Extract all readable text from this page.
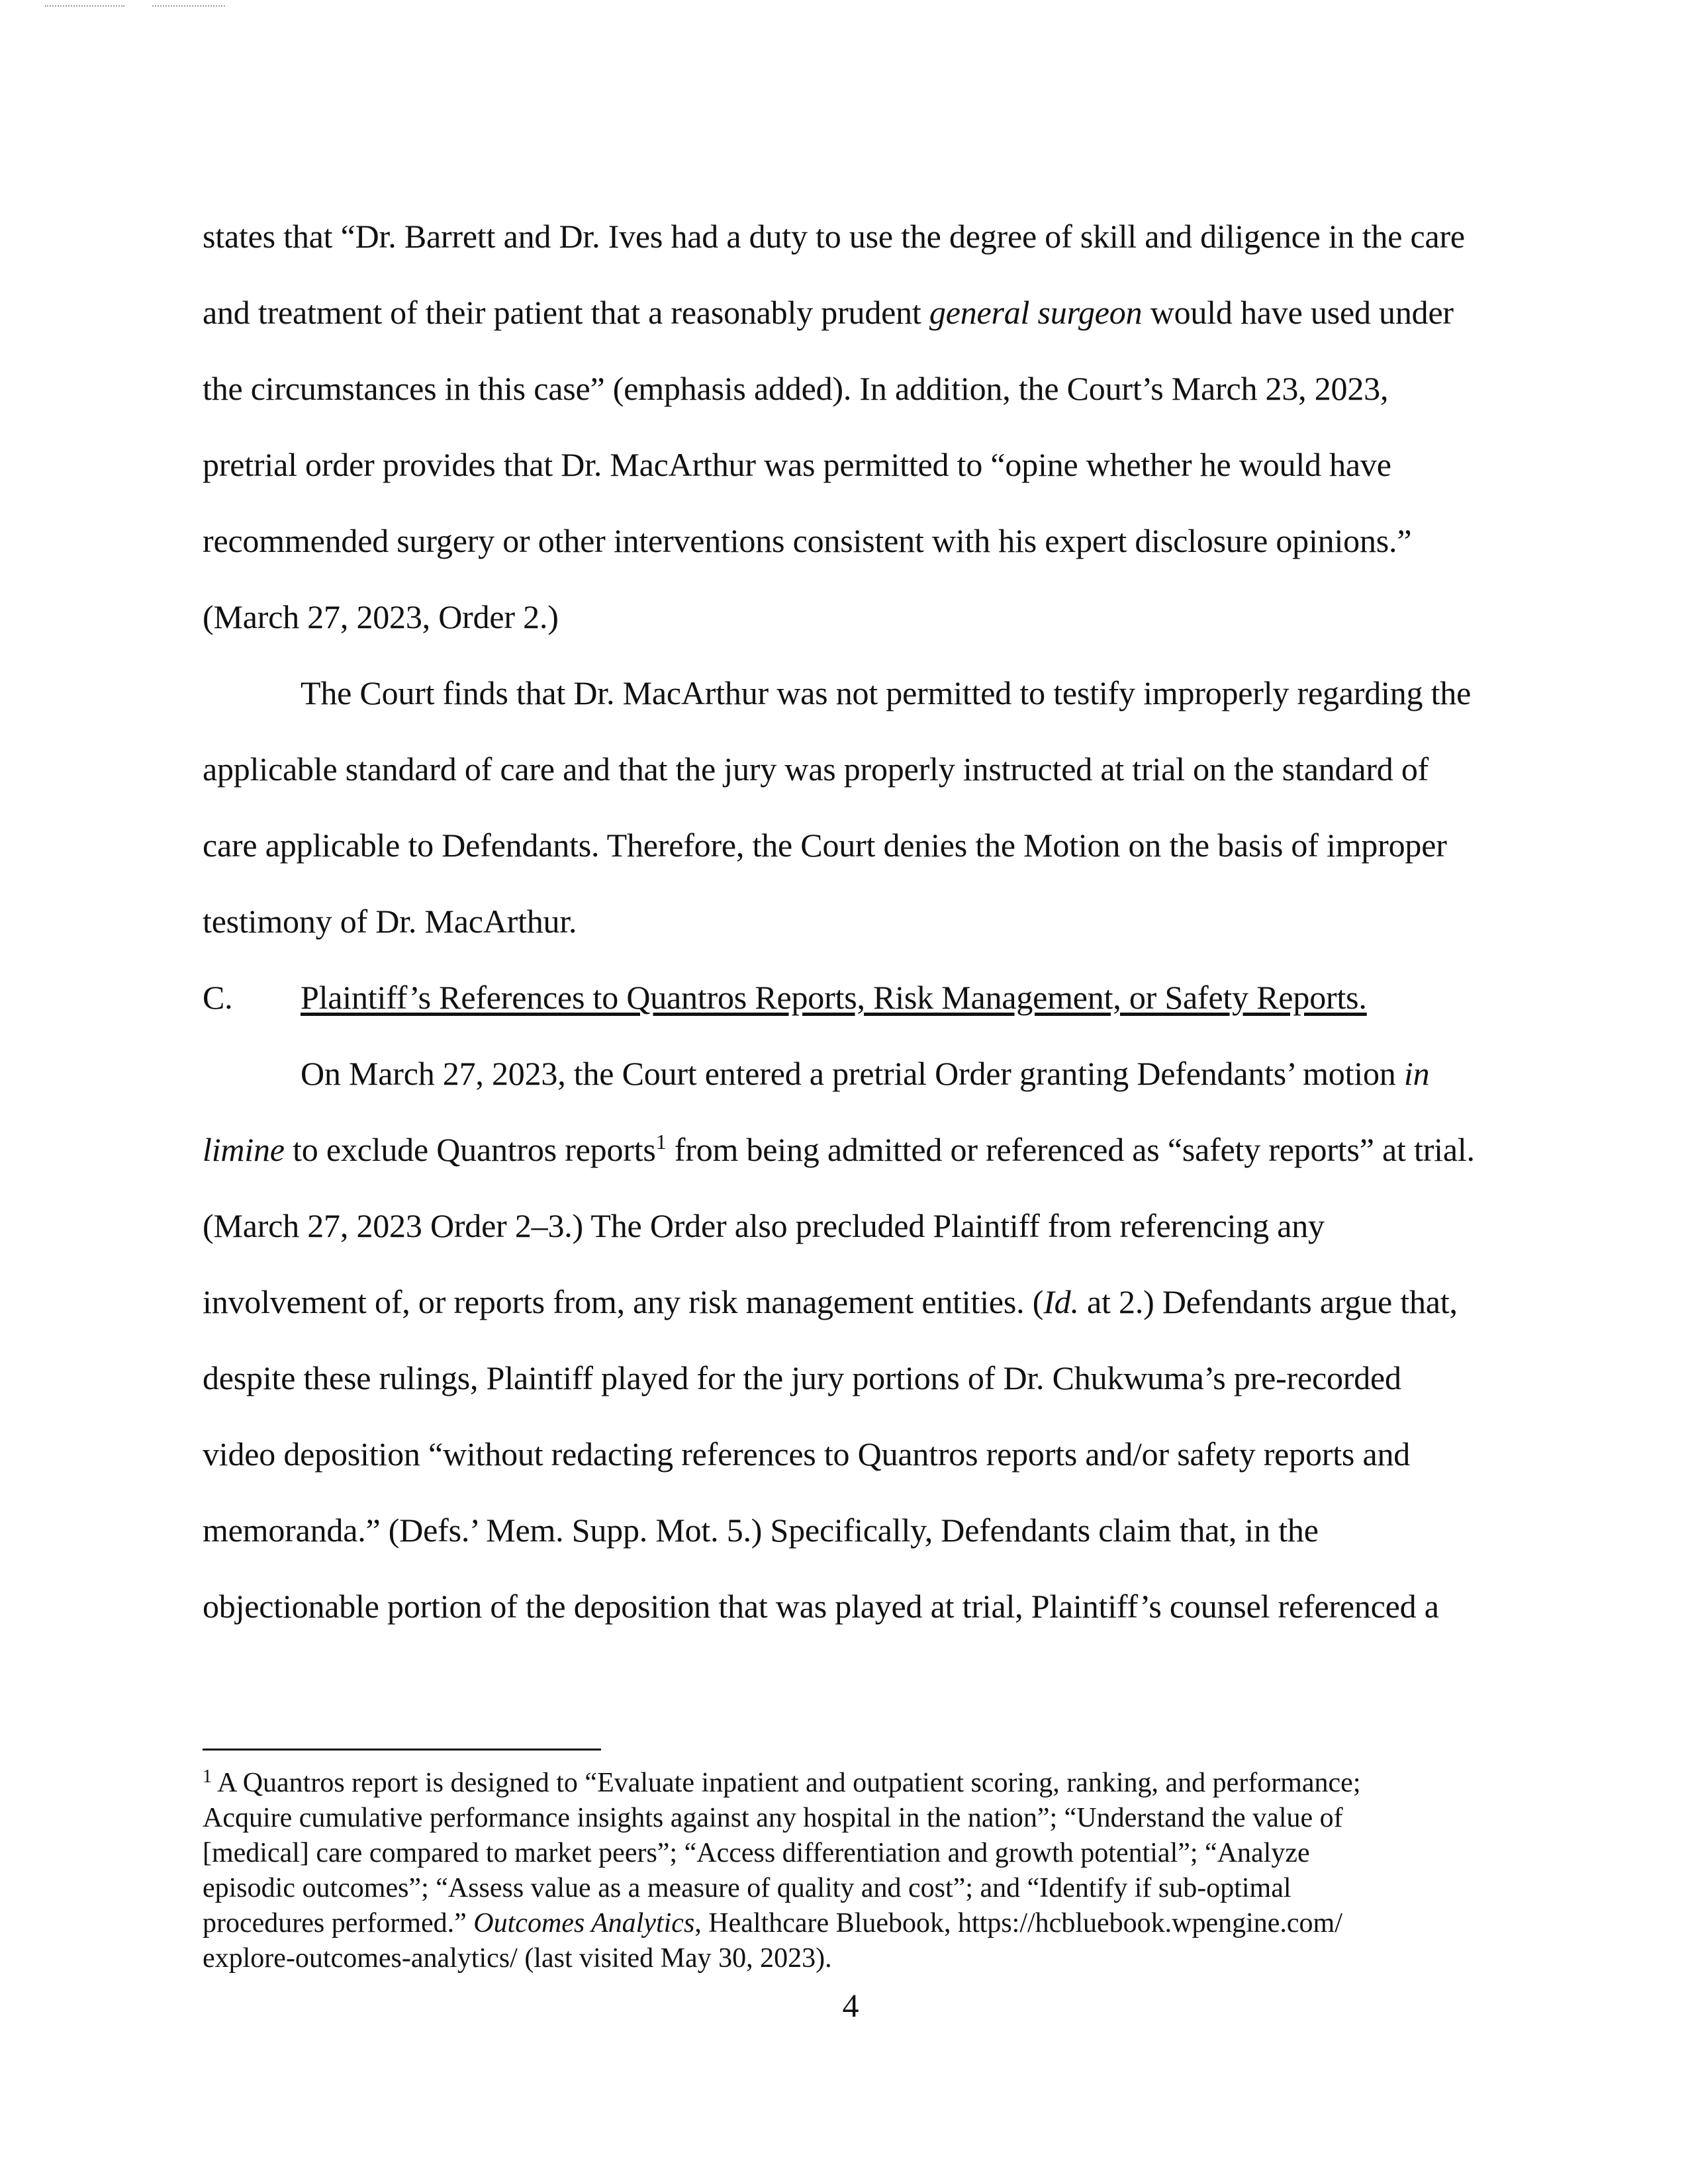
states that “Dr. Barrett and Dr. Ives had a duty to use the degree of skill and diligence in the care
and treatment of their patient that a reasonably prudent general surgeon would have used under
the circumstances in this case” (emphasis added). In addition, the Court’s March 23, 2023,
pretrial order provides that Dr. MacArthur was permitted to “opine whether he would have
recommended surgery or other interventions consistent with his expert disclosure opinions.”
(March 27, 2023, Order 2.)
The Court finds that Dr. MacArthur was not permitted to testify improperly regarding the
applicable standard of care and that the jury was properly instructed at trial on the standard of
care applicable to Defendants. Therefore, the Court denies the Motion on the basis of improper
testimony of Dr. MacArthur.
C. Plaintiff’s References to Quantros Reports, Risk Management, or Safety Reports.
On March 27, 2023, the Court entered a pretrial Order granting Defendants’ motion in
limine to exclude Quantros reports$^1$ from being admitted or referenced as “safety reports” at trial.
(March 27, 2023 Order 2–3.) The Order also precluded Plaintiff from referencing any
involvement of, or reports from, any risk management entities. (Id. at 2.) Defendants argue that,
despite these rulings, Plaintiff played for the jury portions of Dr. Chukwuma’s pre-recorded
video deposition “without redacting references to Quantros reports and/or safety reports and
memoranda.” (Defs.’ Mem. Supp. Mot. 5.) Specifically, Defendants claim that, in the
objectionable portion of the deposition that was played at trial, Plaintiff’s counsel referenced a
$^1$ A Quantros report is designed to “Evaluate inpatient and outpatient scoring, ranking, and performance;
Acquire cumulative performance insights against any hospital in the nation”; “Understand the value of
[medical] care compared to market peers”; “Access differentiation and growth potential”; “Analyze
episodic outcomes”; “Assess value as a measure of quality and cost”; and “Identify if sub-optimal
procedures performed.” Outcomes Analytics, Healthcare Bluebook, https://hcbluebook.wpengine.com/
explore-outcomes-analytics/ (last visited May 30, 2023).
4
